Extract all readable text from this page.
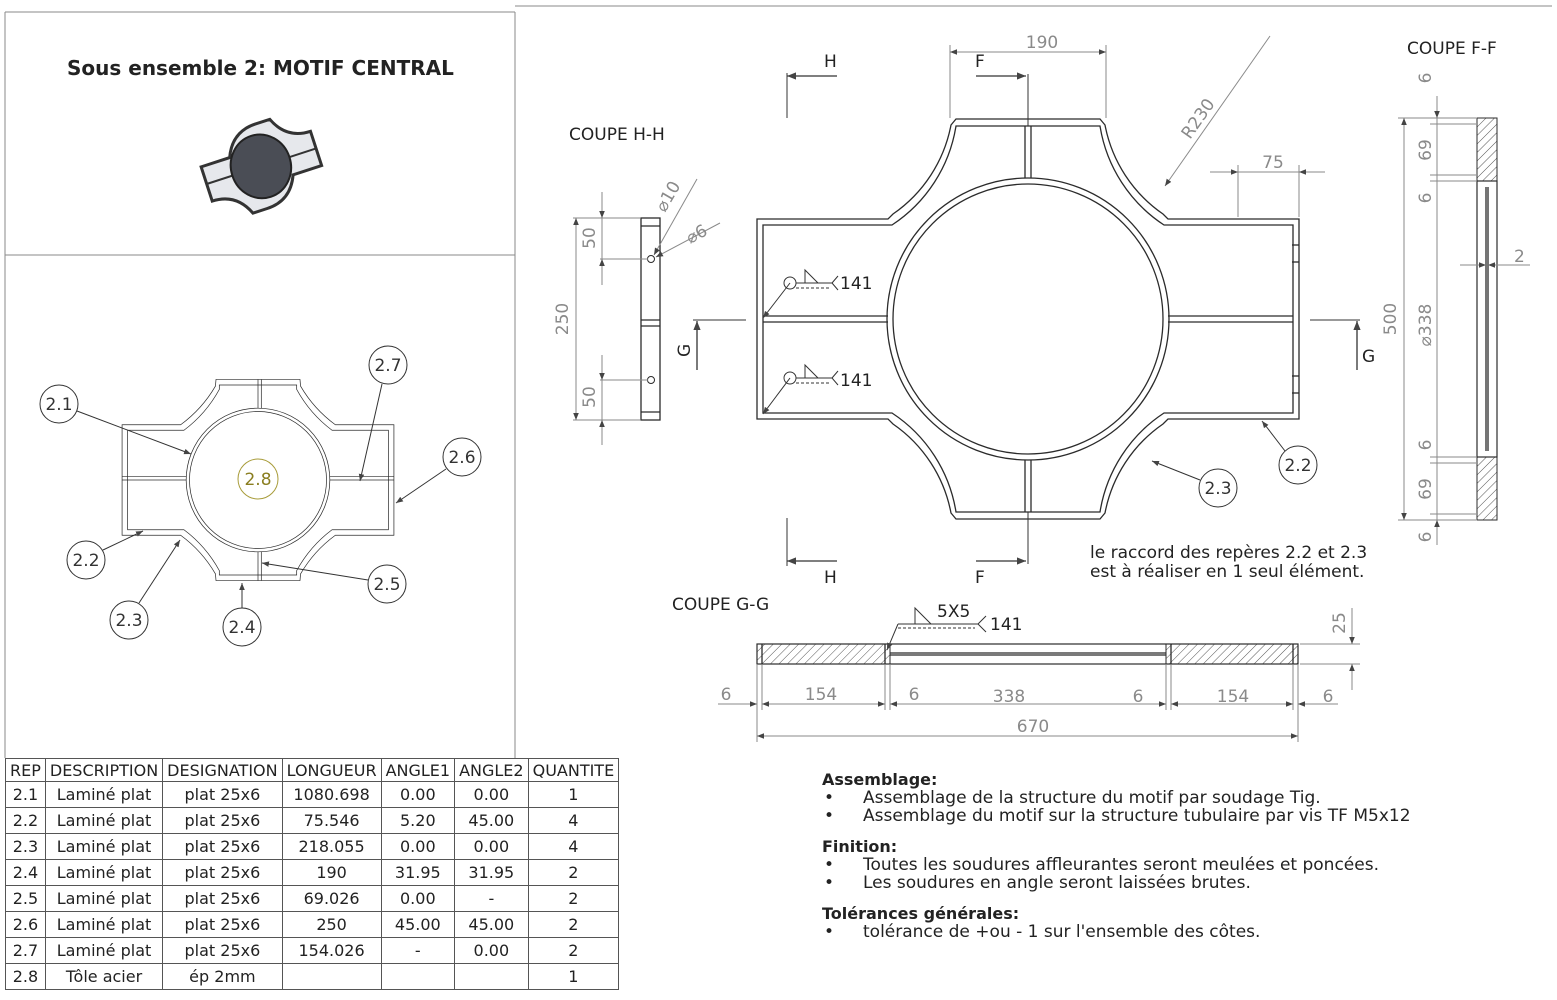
2.1
2.7
2.6
2.8
2.2
2.3	2.4
2.5
COUPE H-H
250
50
50
⌀10
⌀6
F
F
H
H
G	G
190
R230
75
141
141
2.2
2.3
le raccord des repères 2.2 et 2.3
est à réaliser en 1 seul élément.
COUPE F-F
500
6
69
6
⌀338
6
69
6
2
COUPE G-G	5X5
141	25
6	154	6	338	6	154	6
670
Sous ensemble 2: MOTIF CENTRAL
REP	DESCRIPTION	DESIGNATION	LONGUEUR	ANGLE1	ANGLE2	QUANTITE
2.1	Laminé plat	plat 25x6	1080.698	0.00	0.00	1
2.2	Laminé plat	plat 25x6	75.546	5.20	45.00	4
2.3	Laminé plat	plat 25x6	218.055	0.00	0.00	4
2.4	Laminé plat	plat 25x6	190	31.95	31.95	2
2.5	Laminé plat	plat 25x6	69.026	0.00	-	2
2.6	Laminé plat	plat 25x6	250	45.00	45.00	2
2.7	Laminé plat	plat 25x6	154.026	-	0.00	2
2.8	Tôle acier	ép 2mm				1
Assemblage:
• Assemblage de la structure du motif par soudage Tig.
• Assemblage du motif sur la structure tubulaire par vis TF M5x12
Finition:
• Toutes les soudures affleurantes seront meulées et poncées.
• Les soudures en angle seront laissées brutes.
Tolérances générales:
• tolérance de +ou - 1 sur l'ensemble des côtes.
